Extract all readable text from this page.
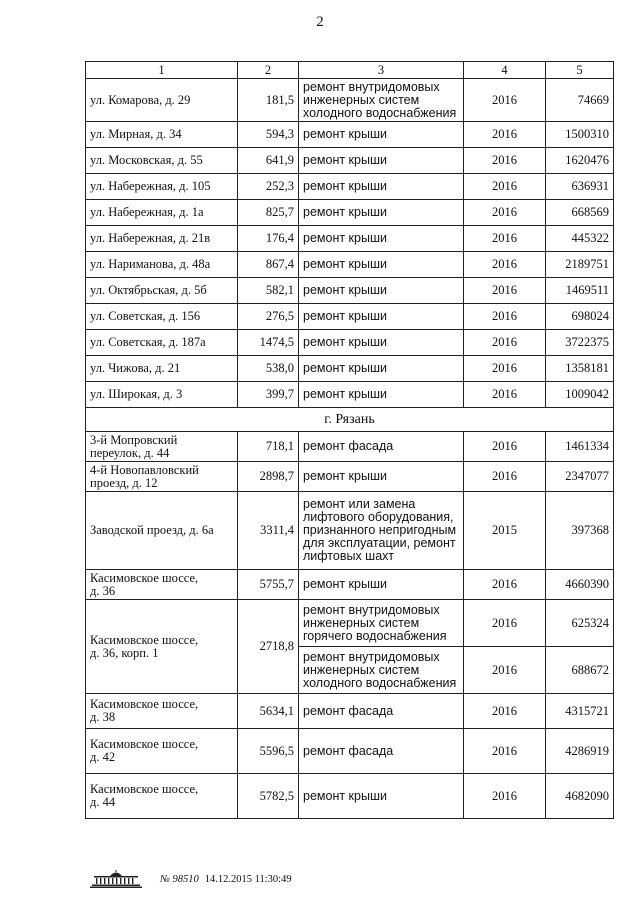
2
1	2	3	4	5
ул. Комарова, д. 29	181,5	ремонт внутридомовых
инженерных систем
холодного водоснабжения	2016	74669
ул. Мирная, д. 34	594,3	ремонт крыши	2016	1500310
ул. Московская, д. 55	641,9	ремонт крыши	2016	1620476
ул. Набережная, д. 105	252,3	ремонт крыши	2016	636931
ул. Набережная, д. 1а	825,7	ремонт крыши	2016	668569
ул. Набережная, д. 21в	176,4	ремонт крыши	2016	445322
ул. Нариманова, д. 48а	867,4	ремонт крыши	2016	2189751
ул. Октябрьская, д. 5б	582,1	ремонт крыши	2016	1469511
ул. Советская, д. 156	276,5	ремонт крыши	2016	698024
ул. Советская, д. 187а	1474,5	ремонт крыши	2016	3722375
ул. Чижова, д. 21	538,0	ремонт крыши	2016	1358181
ул. Широкая, д. 3	399,7	ремонт крыши	2016	1009042
г. Рязань				
3-й Мопровский
переулок, д. 44	718,1	ремонт фасада	2016	1461334
4-й Новопавловский
проезд, д. 12	2898,7	ремонт крыши	2016	2347077
Заводской проезд, д. 6а	3311,4	ремонт или замена
лифтового оборудования,
признанного непригодным
для эксплуатации, ремонт
лифтовых шахт	2015	397368
Касимовское шоссе,
д. 36	5755,7	ремонт крыши	2016	4660390
Касимовское шоссе,
д. 36, корп. 1	2718,8	ремонт внутридомовых
инженерных систем
горячего водоснабжения	2016	625324
		ремонт внутридомовых
инженерных систем
холодного водоснабжения	2016	688672
Касимовское шоссе,
д. 38	5634,1	ремонт фасада	2016	4315721
Касимовское шоссе,
д. 42	5596,5	ремонт фасада	2016	4286919
Касимовское шоссе,
д. 44	5782,5	ремонт крыши	2016	4682090
№ 98510 14.12.2015 11:30:49
